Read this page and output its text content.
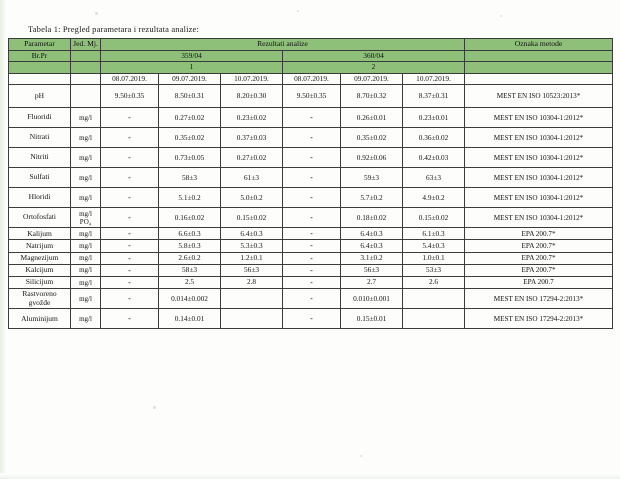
Tabela 1: Pregled parametara i rezultata analize:
Parametar	Jed. Mj.	Rezultati analize						Oznaka metode

Br.Pr		359/04			360/04			
		1			2			
		08.07.2019.	09.07.2019.	10.07.2019.	08.07.2019.	09.07.2019.	10.07.2019.	
pH		9.50±0.35	8.50±0.31	8.20±0.30	9.50±0.35	8.70±0.32	8.37±0.31	MEST EN ISO 10523:2013*
Fluoridi	mg/l	-	0.27±0.02	0.23±0.02	-	0.26±0.01	0.23±0.01	MEST EN ISO 10304-1:2012*
Nitrati	mg/l	-	0.35±0.02	0.37±0.03	-	0.35±0.02	0.36±0.02	MEST EN ISO 10304-1:2012*
Nitriti	mg/l	-	0.73±0.05	0.27±0.02	-	0.92±0.06	0.42±0.03	MEST EN ISO 10304-1:2012*
Sulfati	mg/l	-	58±3	61±3	-	59±3	63±3	MEST EN ISO 10304-1:2012*
Hloridi	mg/l	-	5.1±0.2	5.0±0.2	-	5.7±0.2	4.9±0.2	MEST EN ISO 10304-1:2012*
Ortofosfati	mg/l PO₄	-	0.16±0.02	0.15±0.02	-	0.18±0.02	0.15±0.02	MEST EN ISO 10304-1:2012*
Kalijum	mg/l	-	6.6±0.3	6.4±0.3	-	6.4±0.3	6.1±0.3	EPA 200.7*
Natrijum	mg/l	-	5.8±0.3	5.3±0.3	-	6.4±0.3	5.4±0.3	EPA 200.7*
Magnezijum	mg/l	-	2.6±0.2	1.2±0.1	-	3.1±0.2	1.0±0.1	EPA 200.7*
Kalcijum	mg/l	-	58±3	56±3	-	56±3	53±3	EPA 200.7*
Silicijum	mg/l	-	2.5	2.8	-	2.7	2.6	EPA 200.7
Rastvoreno gvožđe	mg/l	-	0.014±0.002		-	0.010±0.001		MEST EN ISO 17294-2:2013*
Aluminijum	mg/l	-	0.14±0.01		-	0.15±0.01		MEST EN ISO 17294-2:2013*
